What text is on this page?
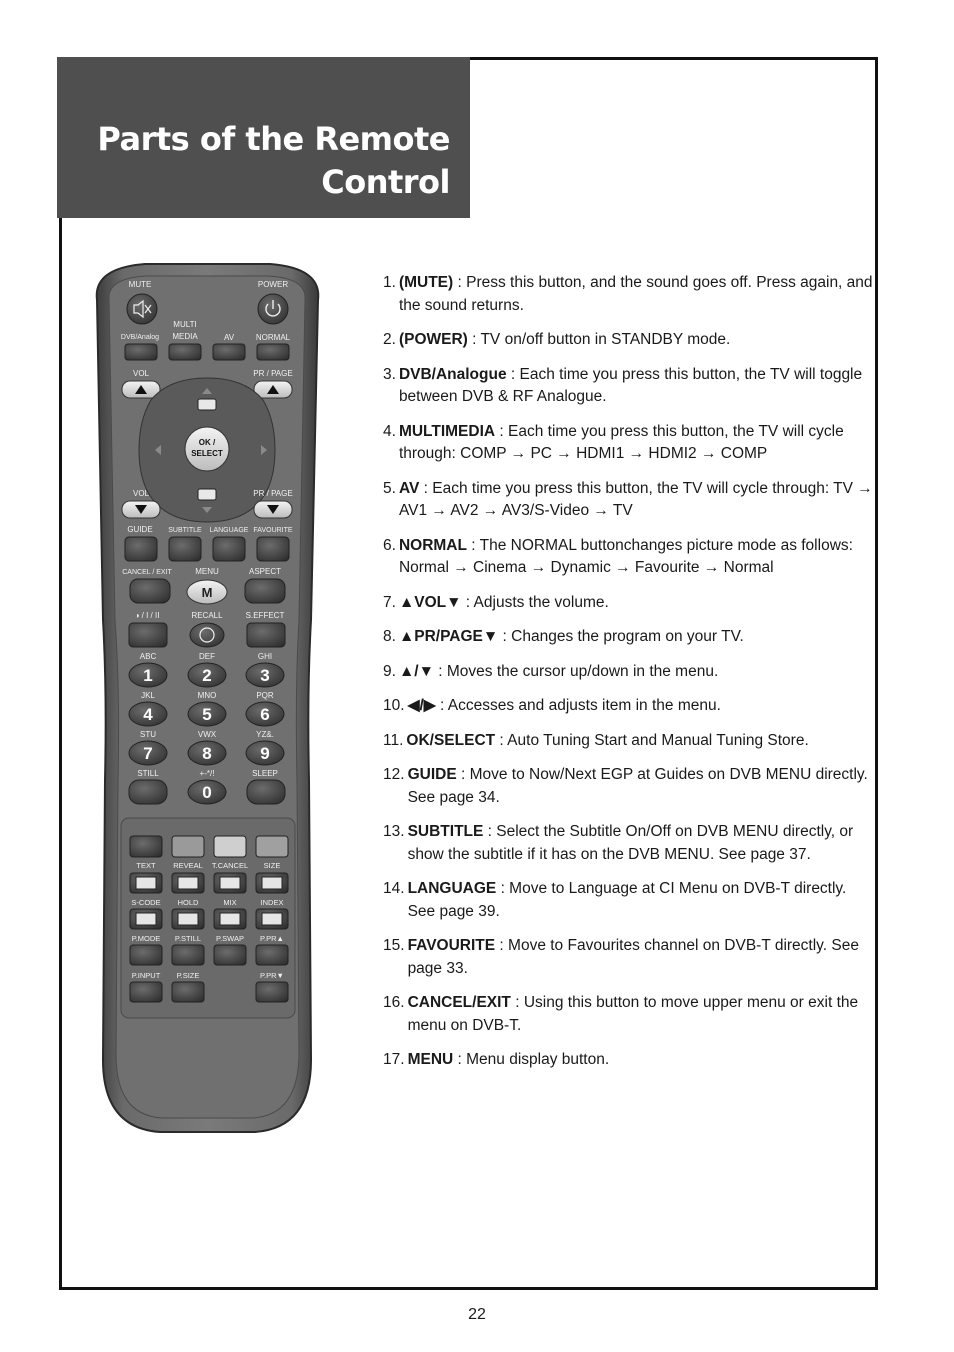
Parts of the Remote Control
MUTE	POWER
MULTI
DVB/Analog MEDIA	AV	NORMAL
VOL	PR / PAGE
OK /
SELECT
VOL	PR / PAGE
GUIDE SUBTITLE LANGUAGE FAVOURITE
CANCEL / EXIT	MENU	ASPECT
M
◑ / I / II	RECALL	S.EFFECT
ABC	DEF	GHI
JKL	MNO	PQR
STU	VWX	YZ&.
STILL	+-*/!	SLEEP
1	2	3
4	5	6
7	8	9
0
TEXT REVEAL T.CANCEL SIZE
S-CODE HOLD	MIX	INDEX
P.MODE P.STILL P.SWAP P.PR▲
P.INPUT P.SIZE	P.PR▼
1. (MUTE) : Press this button, and the sound goes off. Press again, and the sound returns.
2. (POWER) : TV on/off button in STANDBY mode.
3. DVB/Analogue : Each time you press this button, the TV will toggle between DVB & RF Analogue.
4. MULTIMEDIA : Each time you press this button, the TV will cycle through: COMP → PC → HDMI1 → HDMI2 → COMP
5. AV : Each time you press this button, the TV will cycle through: TV → AV1 → AV2 → AV3/S-Video → TV
6. NORMAL : The NORMAL buttonchanges picture mode as follows: Normal → Cinema → Dynamic → Favourite → Normal
7. ▲VOL▼ : Adjusts the volume.
8. ▲PR/PAGE▼ : Changes the program on your TV.
9. ▲/▼ : Moves the cursor up/down in the menu.
10. ◀/▶ : Accesses and adjusts item in the menu.
11. OK/SELECT : Auto Tuning Start and Manual Tuning Store.
12. GUIDE : Move to Now/Next EGP at Guides on DVB MENU directly. See page 34.
13. SUBTITLE : Select the Subtitle On/Off on DVB MENU directly, or show the subtitle if it has on the DVB MENU. See page 37.
14. LANGUAGE : Move to Language at CI Menu on DVB-T directly. See page 39.
15. FAVOURITE : Move to Favourites channel on DVB-T directly. See page 33.
16. CANCEL/EXIT : Using this button to move upper menu or exit the menu on DVB-T.
17. MENU : Menu display button.
22
